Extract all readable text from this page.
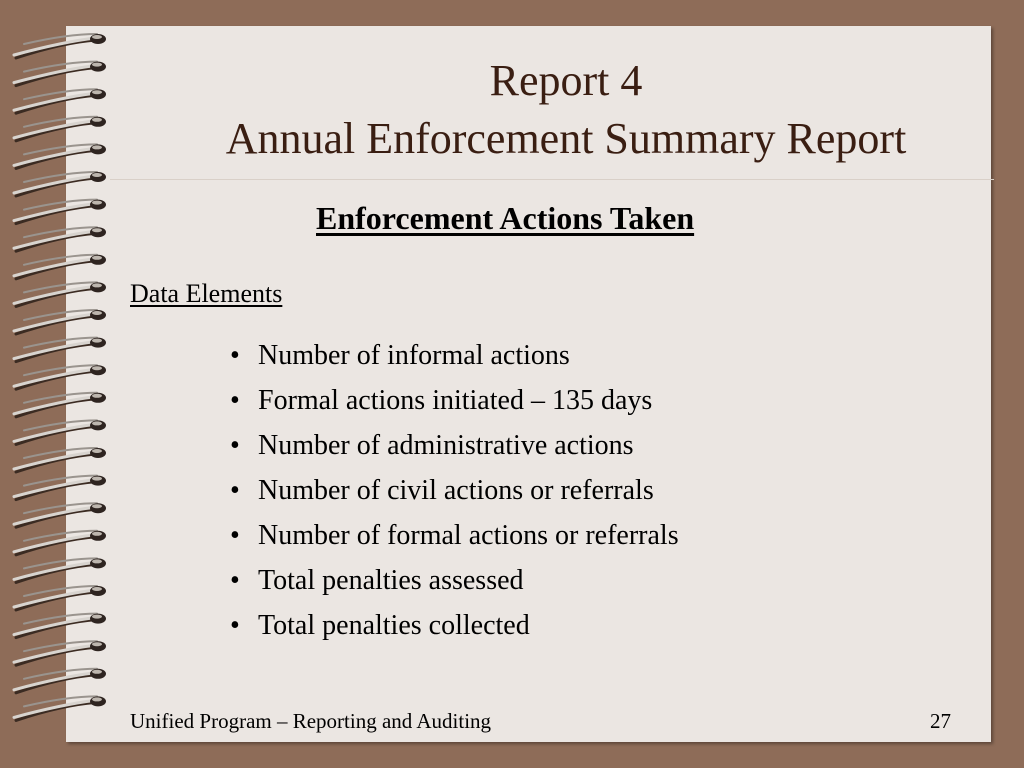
Report 4
Annual Enforcement Summary Report
Enforcement Actions Taken
Data Elements
• Number of informal actions
• Formal actions initiated – 135 days
• Number of administrative actions
• Number of civil actions or referrals
• Number of formal actions or referrals
• Total penalties assessed
• Total penalties collected
Unified Program – Reporting and Auditing	27
